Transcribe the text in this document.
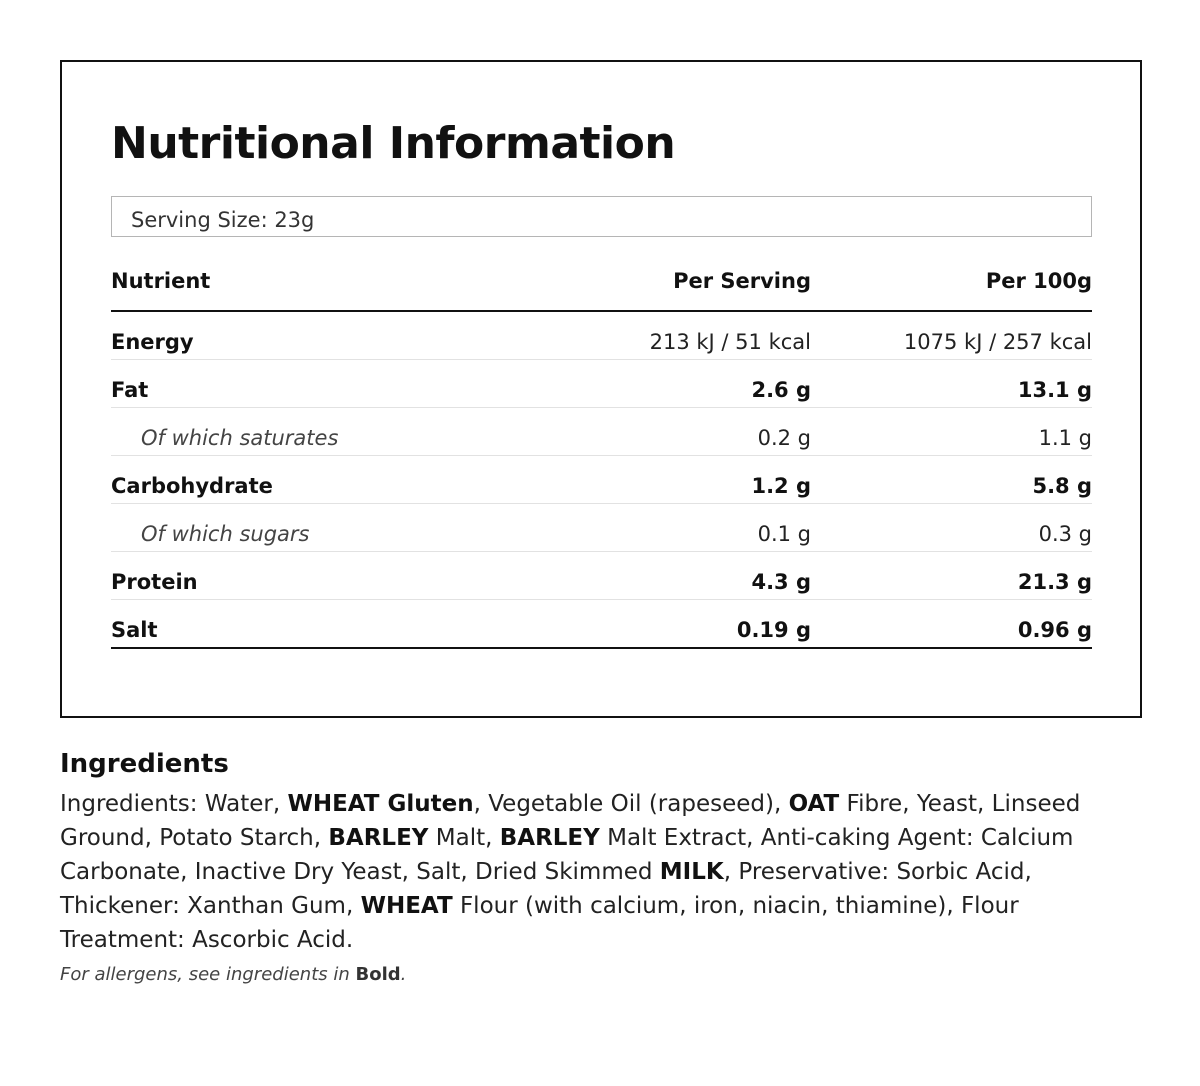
Nutritional Information
Serving Size: 23g
Nutrient	Per Serving	Per 100g
Energy	213 kJ / 51 kcal	1075 kJ / 257 kcal
Fat	2.6 g	13.1 g
Of which saturates	0.2 g	1.1 g
Carbohydrate	1.2 g	5.8 g
Of which sugars	0.1 g	0.3 g
Protein	4.3 g	21.3 g
Salt	0.19 g	0.96 g
Ingredients

Ingredients: Water, WHEAT Gluten, Vegetable Oil (rapeseed), OAT Fibre, Yeast, Linseed Ground, Potato Starch, BARLEY Malt, BARLEY Malt Extract, Anti-caking Agent: Calcium Carbonate, Inactive Dry Yeast, Salt, Dried Skimmed MILK, Preservative: Sorbic Acid, Thickener: Xanthan Gum, WHEAT Flour (with calcium, iron, niacin, thiamine), Flour Treatment: Ascorbic Acid.

For allergens, see ingredients in Bold.
